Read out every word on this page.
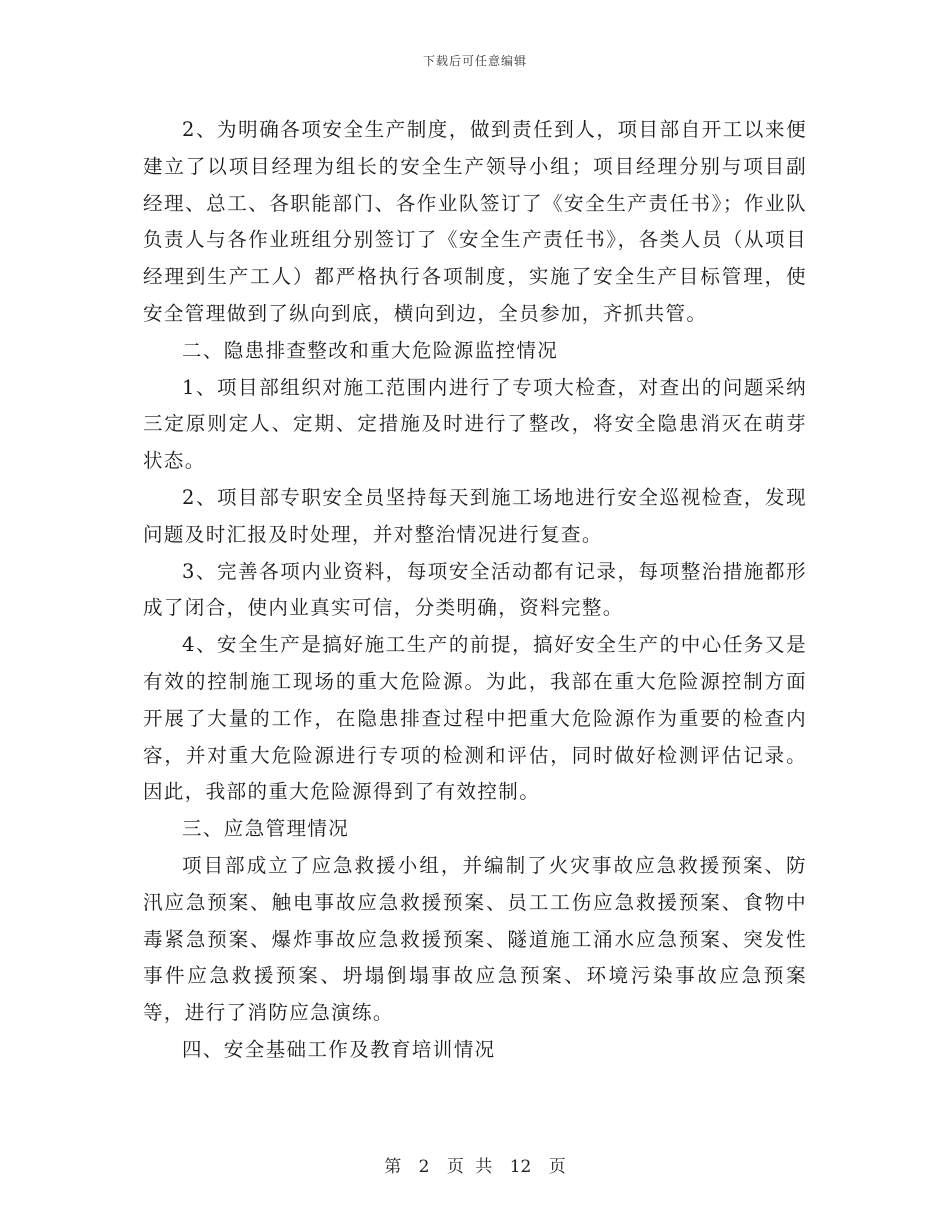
下载后可任意编辑

2、为明确各项安全生产制度，做到责任到人，项目部自开工以来便建立了以项目经理为组长的安全生产领导小组；项目经理分别与项目副经理、总工、各职能部门、各作业队签订了《安全生产责任书》；作业队负责人与各作业班组分别签订了《安全生产责任书》，各类人员（从项目经理到生产工人）都严格执行各项制度，实施了安全生产目标管理，使安全管理做到了纵向到底，横向到边，全员参加，齐抓共管。

二、隐患排查整改和重大危险源监控情况

1、项目部组织对施工范围内进行了专项大检查，对查出的问题采纳三定原则定人、定期、定措施及时进行了整改，将安全隐患消灭在萌芽状态。

2、项目部专职安全员坚持每天到施工场地进行安全巡视检查，发现问题及时汇报及时处理，并对整治情况进行复查。

3、完善各项内业资料，每项安全活动都有记录，每项整治措施都形成了闭合，使内业真实可信，分类明确，资料完整。

4、安全生产是搞好施工生产的前提，搞好安全生产的中心任务又是有效的控制施工现场的重大危险源。为此，我部在重大危险源控制方面开展了大量的工作，在隐患排查过程中把重大危险源作为重要的检查内容，并对重大危险源进行专项的检测和评估，同时做好检测评估记录。因此，我部的重大危险源得到了有效控制。

三、应急管理情况

项目部成立了应急救援小组，并编制了火灾事故应急救援预案、防汛应急预案、触电事故应急救援预案、员工工伤应急救援预案、食物中毒紧急预案、爆炸事故应急救援预案、隧道施工涌水应急预案、突发性事件应急救援预案、坍塌倒塌事故应急预案、环境污染事故应急预案等，进行了消防应急演练。

四、安全基础工作及教育培训情况

第 2 页 共 12 页
